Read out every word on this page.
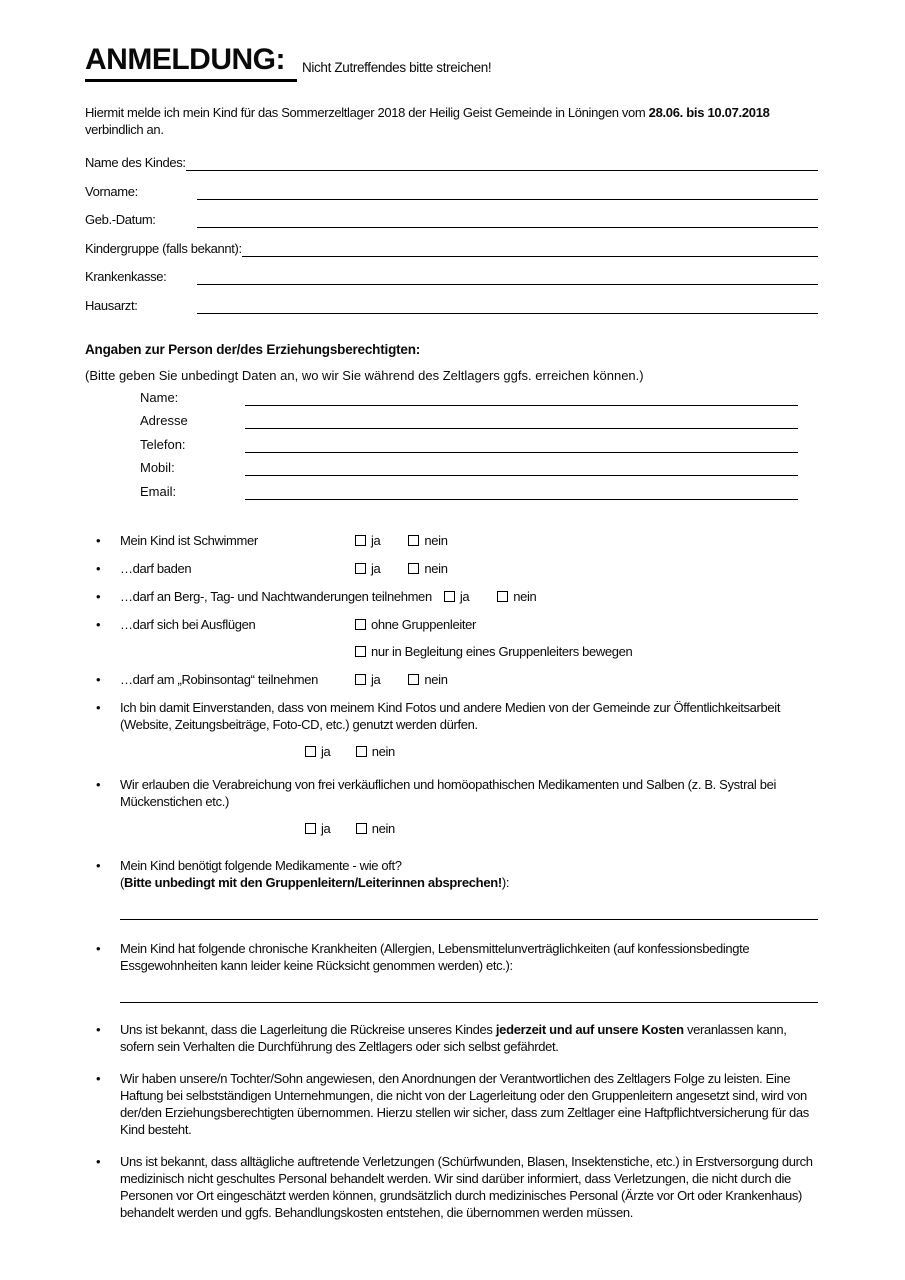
ANMELDUNG:	Nicht Zutreffendes bitte streichen!

Hiermit melde ich mein Kind für das Sommerzeltlager 2018 der Heilig Geist Gemeinde in Löningen vom 28.06. bis 10.07.2018 verbindlich an.

Name des Kindes:
Vorname:
Geb.-Datum:
Kindergruppe (falls bekannt):
Krankenkasse:
Hausarzt:
Angaben zur Person der/des Erziehungsberechtigten:
(Bitte geben Sie unbedingt Daten an, wo wir Sie während des Zeltlagers ggfs. erreichen können.)
Name:
Adresse
Telefon:
Mobil:
Email:
•	Mein Kind ist Schwimmer	ja	nein
•	…darf baden	ja	nein
•	…darf an Berg-, Tag- und Nachtwanderungen teilnehmen	ja	nein
•	…darf sich bei Ausflügen	ohne Gruppenleiter
nur in Begleitung eines Gruppenleiters bewegen
•	…darf am „Robinsontag“ teilnehmen	ja	nein
•	Ich bin damit Einverstanden, dass von meinem Kind Fotos und andere Medien von der Gemeinde zur Öffentlichkeitsarbeit (Website, Zeitungsbeiträge, Foto-CD, etc.) genutzt werden dürfen.
ja	nein
•	Wir erlauben die Verabreichung von frei verkäuflichen und homöopathischen Medikamenten und Salben (z. B. Systral bei Mückenstichen etc.)
ja	nein
•	Mein Kind benötigt folgende Medikamente - wie oft?
(Bitte unbedingt mit den Gruppenleitern/Leiterinnen absprechen!):
•	Mein Kind hat folgende chronische Krankheiten (Allergien, Lebensmittelunverträglichkeiten (auf konfessionsbedingte Essgewohnheiten kann leider keine Rücksicht genommen werden) etc.):
•	Uns ist bekannt, dass die Lagerleitung die Rückreise unseres Kindes jederzeit und auf unsere Kosten veranlassen kann, sofern sein Verhalten die Durchführung des Zeltlagers oder sich selbst gefährdet.
•	Wir haben unsere/n Tochter/Sohn angewiesen, den Anordnungen der Verantwortlichen des Zeltlagers Folge zu leisten. Eine Haftung bei selbstständigen Unternehmungen, die nicht von der Lagerleitung oder den Gruppenleitern angesetzt sind, wird von der/den Erziehungsberechtigten übernommen. Hierzu stellen wir sicher, dass zum Zeltlager eine Haftpflichtversicherung für das Kind besteht.
•	Uns ist bekannt, dass alltägliche auftretende Verletzungen (Schürfwunden, Blasen, Insektenstiche, etc.) in Erstversorgung durch medizinisch nicht geschultes Personal behandelt werden. Wir sind darüber informiert, dass Verletzungen, die nicht durch die Personen vor Ort eingeschätzt werden können, grundsätzlich durch medizinisches Personal (Ärzte vor Ort oder Krankenhaus) behandelt werden und ggfs. Behandlungskosten entstehen, die übernommen werden müssen.
